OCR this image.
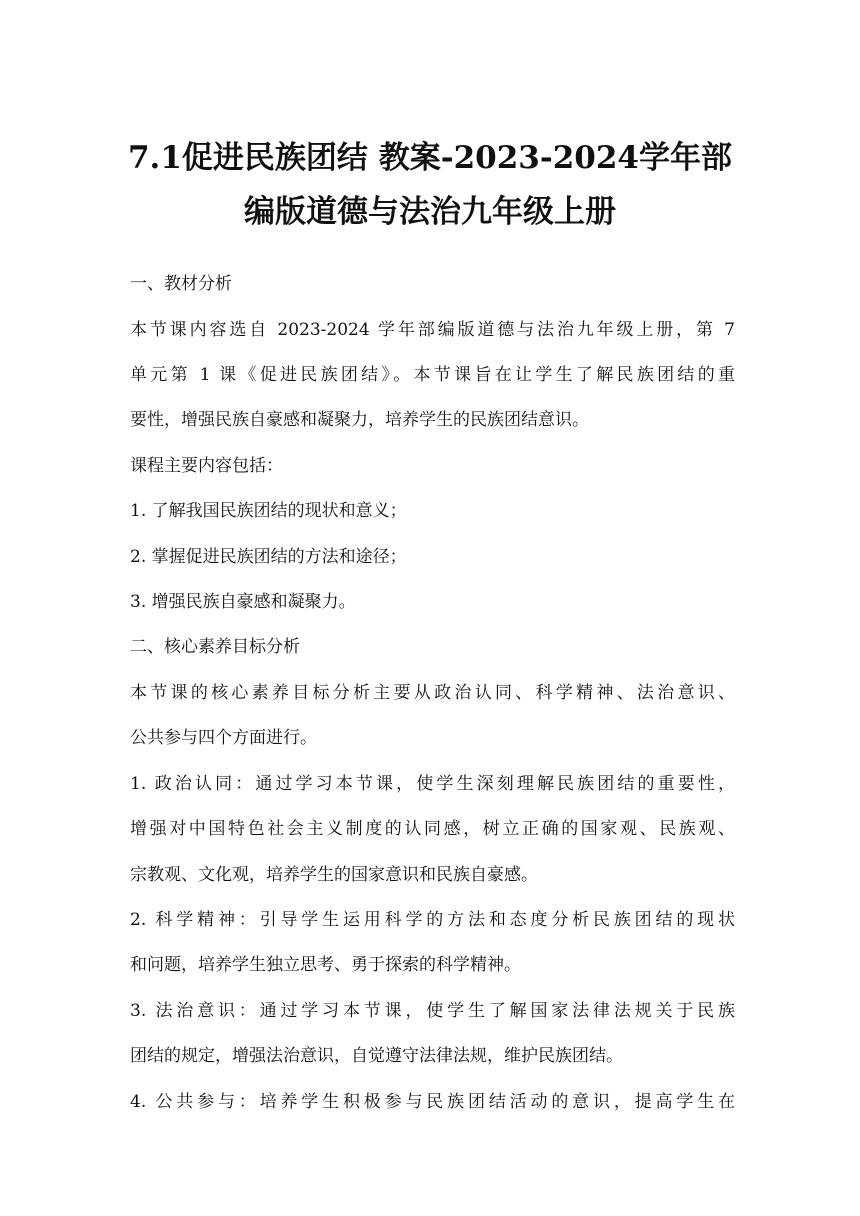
7.1促进民族团结 教案-2023-2024学年部
编版道德与法治九年级上册
一、教材分析
本节课内容选自 2023-2024 学年部编版道德与法治九年级上册，第 7
单元第 1 课《促进民族团结》。本节课旨在让学生了解民族团结的重
要性，增强民族自豪感和凝聚力，培养学生的民族团结意识。
课程主要内容包括：
1. 了解我国民族团结的现状和意义；
2. 掌握促进民族团结的方法和途径；
3. 增强民族自豪感和凝聚力。
二、核心素养目标分析
本节课的核心素养目标分析主要从政治认同、科学精神、法治意识、
公共参与四个方面进行。
1. 政治认同：通过学习本节课，使学生深刻理解民族团结的重要性，
增强对中国特色社会主义制度的认同感，树立正确的国家观、民族观、
宗教观、文化观，培养学生的国家意识和民族自豪感。
2. 科学精神：引导学生运用科学的方法和态度分析民族团结的现状
和问题，培养学生独立思考、勇于探索的科学精神。
3. 法治意识：通过学习本节课，使学生了解国家法律法规关于民族
团结的规定，增强法治意识，自觉遵守法律法规，维护民族团结。
4. 公共参与：培养学生积极参与民族团结活动的意识，提高学生在
